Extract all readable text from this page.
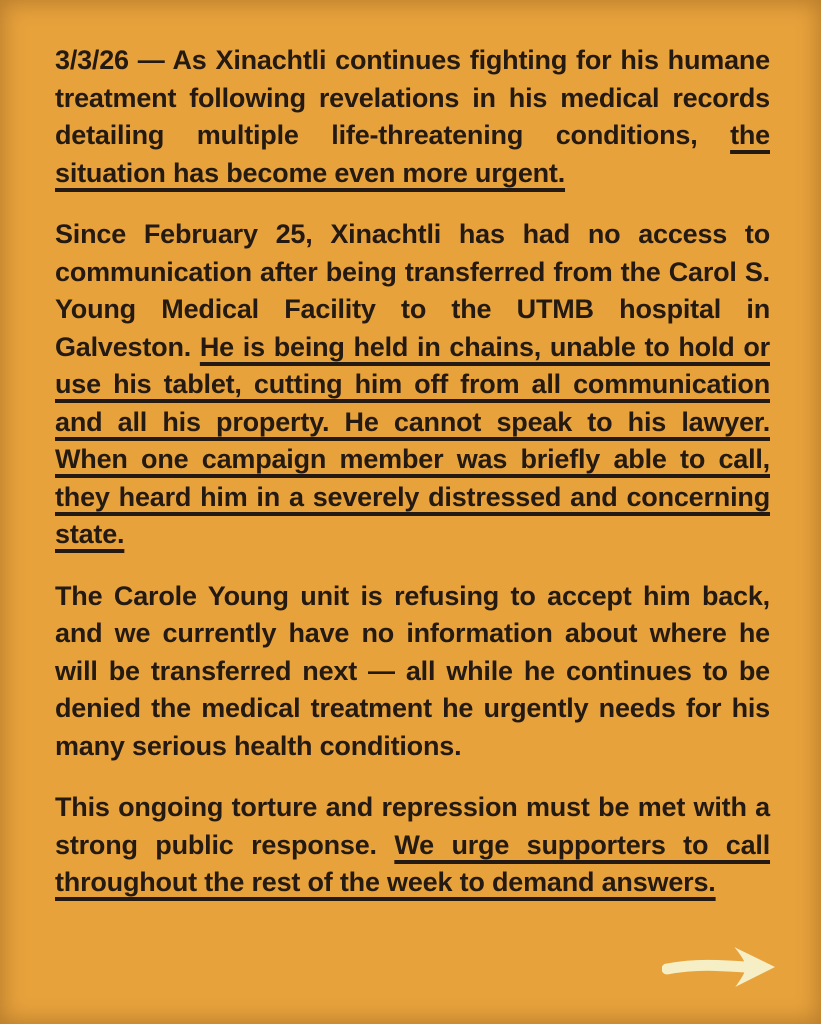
3/3/26 — As Xinachtli continues fighting for his humane treatment following revelations in his medical records detailing multiple life-threatening conditions, the situation has become even more urgent.

Since February 25, Xinachtli has had no access to communication after being transferred from the Carol S. Young Medical Facility to the UTMB hospital in Galveston. He is being held in chains, unable to hold or use his tablet, cutting him off from all communication and all his property. He cannot speak to his lawyer. When one campaign member was briefly able to call, they heard him in a severely distressed and concerning state.

The Carole Young unit is refusing to accept him back, and we currently have no information about where he will be transferred next — all while he continues to be denied the medical treatment he urgently needs for his many serious health conditions.

This ongoing torture and repression must be met with a strong public response. We urge supporters to call throughout the rest of the week to demand answers.
